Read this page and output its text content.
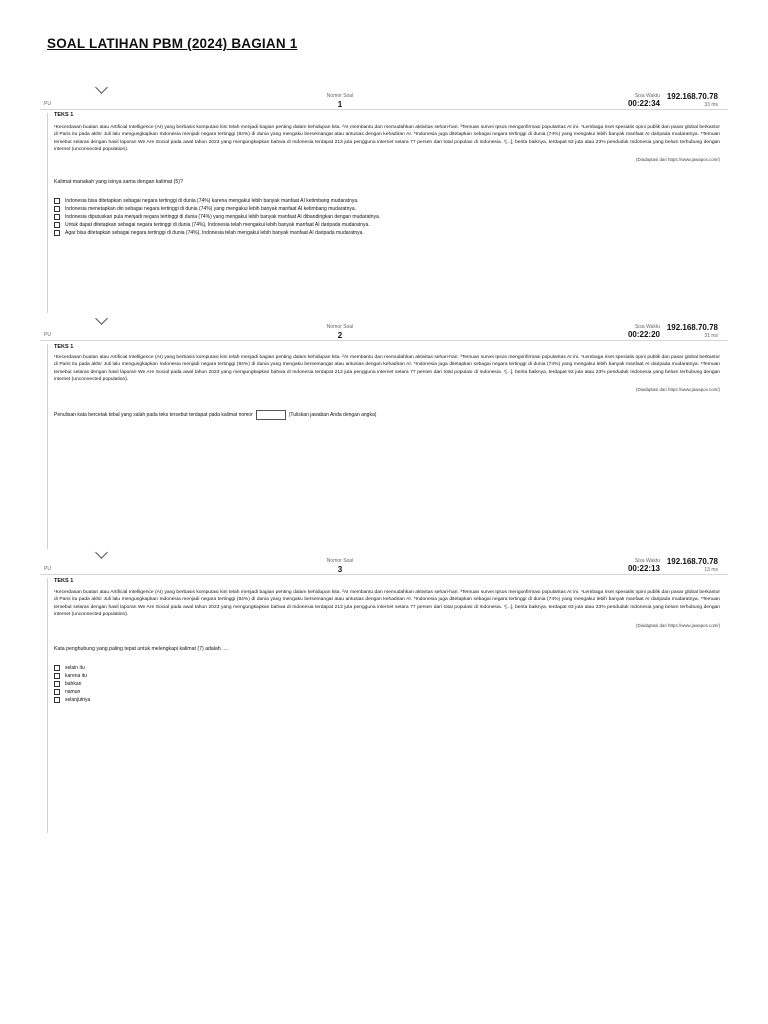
SOAL LATIHAN PBM (2024) BAGIAN 1
PU
Nomor Soal
1
Sisa Waktu
00:22:34
192.168.70.78
33 ms
TEKS 1

¹Kecerdasan buatan atau Artificial Intelligence (AI) yang berbasis komputasi kini telah menjadi bagian penting dalam kehidupan kita. ²AI membantu dan memudahkan aktivitas sehari-hari. ³Temuan survei Ipsos mengonfirmasi popularitas AI ini. ⁴Lembaga riset spesialis opini publik dan pasar global berkantor di Paris itu pada akhir Juli lalu mengungkapkan Indonesia menjadi negara tertinggi (84%) di dunia yang mengaku bersemangat atau antusias dengan kehadiran AI. ⁵Indonesia juga ditetapkan sebagai negara tertinggi di dunia (74%) yang mengakui lebih banyak manfaat AI daripada mudaratnya. ⁶Temuan tersebut selaras dengan hasil laporan We Are Social pada awal tahun 2023 yang mengungkapkan bahwa di Indonesia terdapat 213 juta pengguna internet setara 77 persen dari total populasi di Indonesia. ⁷[...], berita baiknya, terdapat 63 juta atau 23% penduduk Indonesia yang belum terhubung dengan internet (unconnected population).

(Diadaptasi dari https://www.jawapos.com/)
Kalimat manakah yang isinya sama dengan kalimat (5)?
Indonesia bisa ditetapkan sebagai negara tertinggi di dunia (74%) karena mengakui lebih banyak manfaat AI ketimbang mudaratnya.
Indonesia menetapkan diri sebagai negara tertinggi di dunia (74%) yang mengakui lebih banyak manfaat AI ketimbang mudaratnya.
Indonesia diputuskan pula menjadi negara tertinggi di dunia (74%) yang mengakui lebih banyak manfaat AI dibandingkan dengan mudaratnya.
Untuk dapat ditetapkan sebagai negara tertinggi di dunia (74%), Indonesia telah mengakui lebih banyak manfaat AI daripada mudaratnya.
Agar bisa ditetapkan sebagai negara tertinggi di dunia (74%), Indonesia telah mengakui lebih banyak manfaat AI daripada mudaratnya.
PU
Nomor Soal
2
Sisa Waktu
00:22:20
192.168.70.78
31 ms
TEKS 1

¹Kecerdasan buatan atau Artificial Intelligence (AI) yang berbasis komputasi kini telah menjadi bagian penting dalam kehidupan kita. ²AI membantu dan memudahkan aktivitas sehari-hari. ³Temuan survei Ipsos mengonfirmasi popularitas AI ini. ⁴Lembaga riset spesialis opini publik dan pasar global berkantor di Paris itu pada akhir Juli lalu mengungkapkan Indonesia menjadi negara tertinggi (84%) di dunia yang mengaku bersemangat atau antusias dengan kehadiran AI. ⁵Indonesia juga ditetapkan sebagai negara tertinggi di dunia (74%) yang mengakui lebih banyak manfaat AI daripada mudaratnya. ⁶Temuan tersebut selaras dengan hasil laporan We Are Social pada awal tahun 2023 yang mengungkapkan bahwa di Indonesia terdapat 213 juta pengguna internet setara 77 persen dari total populasi di Indonesia. ⁷[...], berita baiknya, terdapat 63 juta atau 23% penduduk Indonesia yang belum terhubung dengan internet (unconnected population).

(Diadaptasi dari https://www.jawapos.com/)
Penulisan kata bercetak tebal yang salah pada teks tersebut terdapat pada kalimat nomor	(Tuliskan jawaban Anda dengan angka)
PU
Nomor Soal
3
Sisa Waktu
00:22:13
192.168.70.78
13 ms
TEKS 1

¹Kecerdasan buatan atau Artificial Intelligence (AI) yang berbasis komputasi kini telah menjadi bagian penting dalam kehidupan kita. ²AI membantu dan memudahkan aktivitas sehari-hari. ³Temuan survei Ipsos mengonfirmasi popularitas AI ini. ⁴Lembaga riset spesialis opini publik dan pasar global berkantor di Paris itu pada akhir Juli lalu mengungkapkan Indonesia menjadi negara tertinggi (84%) di dunia yang mengaku bersemangat atau antusias dengan kehadiran AI. ⁵Indonesia juga ditetapkan sebagai negara tertinggi di dunia (74%) yang mengakui lebih banyak manfaat AI daripada mudaratnya. ⁶Temuan tersebut selaras dengan hasil laporan We Are Social pada awal tahun 2023 yang mengungkapkan bahwa di Indonesia terdapat 213 juta pengguna internet setara 77 persen dari total populasi di Indonesia. ⁷[...], berita baiknya, terdapat 63 juta atau 23% penduduk Indonesia yang belum terhubung dengan internet (unconnected population).

(Diadaptasi dari https://www.jawapos.com/)
Kata penghubung yang paling tepat untuk melengkapi kalimat (7) adalah ....
selain itu
karena itu
bahkan
namun
selanjutnya
